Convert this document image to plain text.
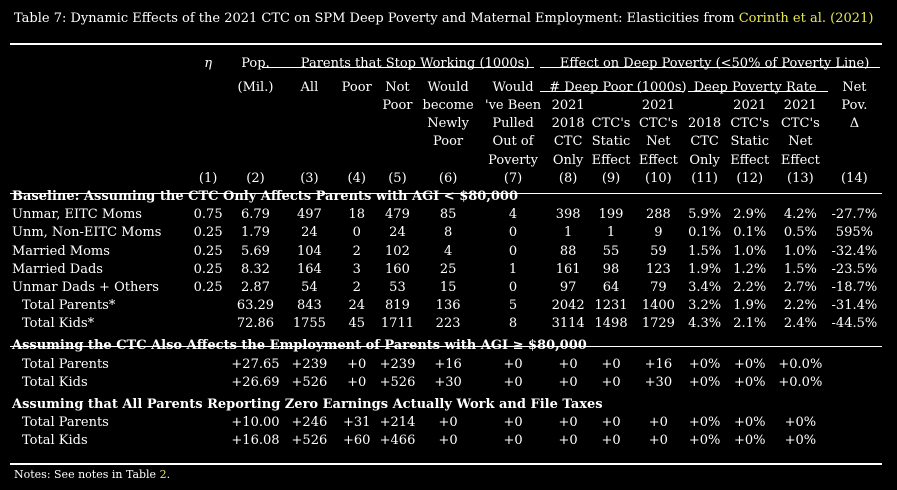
Table 7: Dynamic Effects of the 2021 CTC on SPM Deep Poverty and Maternal Employment: Elasticities from Corinth et al. (2021)
	η	Pop.	Parents that Stop Working (1000s)					Effect on Deep Poverty (<50% of Poverty Line)						
		(Mil.)	All	Poor	Not	Would	Would	# Deep Poor (1000s)			Deep Poverty Rate			Net
					Poor	become	've Been	2021		2021		2021	2021	Pov.
						Newly	Pulled	2018	CTC's	CTC's	2018	CTC's	CTC's	Δ
						Poor	Out of	CTC	Static	Net	CTC	Static	Net	
							Poverty	Only	Effect	Effect	Only	Effect	Effect	
	(1)	(2)	(3)	(4)	(5)	(6)	(7)	(8)	(9)	(10)	(11)	(12)	(13)	(14)
Baseline: Assuming the CTC Only Affects Parents with AGI < $80,000														
Unmar, EITC Moms	0.75	6.79	497	18	479	85	4	398	199	288	5.9%	2.9%	4.2%	-27.7%
Unm, Non-EITC Moms	0.25	1.79	24	0	24	8	0	1	1	9	0.1%	0.1%	0.5%	595%
Married Moms	0.25	5.69	104	2	102	4	0	88	55	59	1.5%	1.0%	1.0%	-32.4%
Married Dads	0.25	8.32	164	3	160	25	1	161	98	123	1.9%	1.2%	1.5%	-23.5%
Unmar Dads + Others	0.25	2.87	54	2	53	15	0	97	64	79	3.4%	2.2%	2.7%	-18.7%
Total Parents*		63.29	843	24	819	136	5	2042	1231	1400	3.2%	1.9%	2.2%	-31.4%
Total Kids*		72.86	1755	45	1711	223	8	3114	1498	1729	4.3%	2.1%	2.4%	-44.5%
Assuming the CTC Also Affects the Employment of Parents with AGI ≥ $80,000														
Total Parents		+27.65	+239	+0	+239	+16	+0	+0	+0	+16	+0%	+0%	+0.0%	
Total Kids		+26.69	+526	+0	+526	+30	+0	+0	+0	+30	+0%	+0%	+0.0%	
Assuming that All Parents Reporting Zero Earnings Actually Work and File Taxes														
Total Parents		+10.00	+246	+31	+214	+0	+0	+0	+0	+0	+0%	+0%	+0%	
Total Kids		+16.08	+526	+60	+466	+0	+0	+0	+0	+0	+0%	+0%	+0%	
Notes: See notes in Table 2.
